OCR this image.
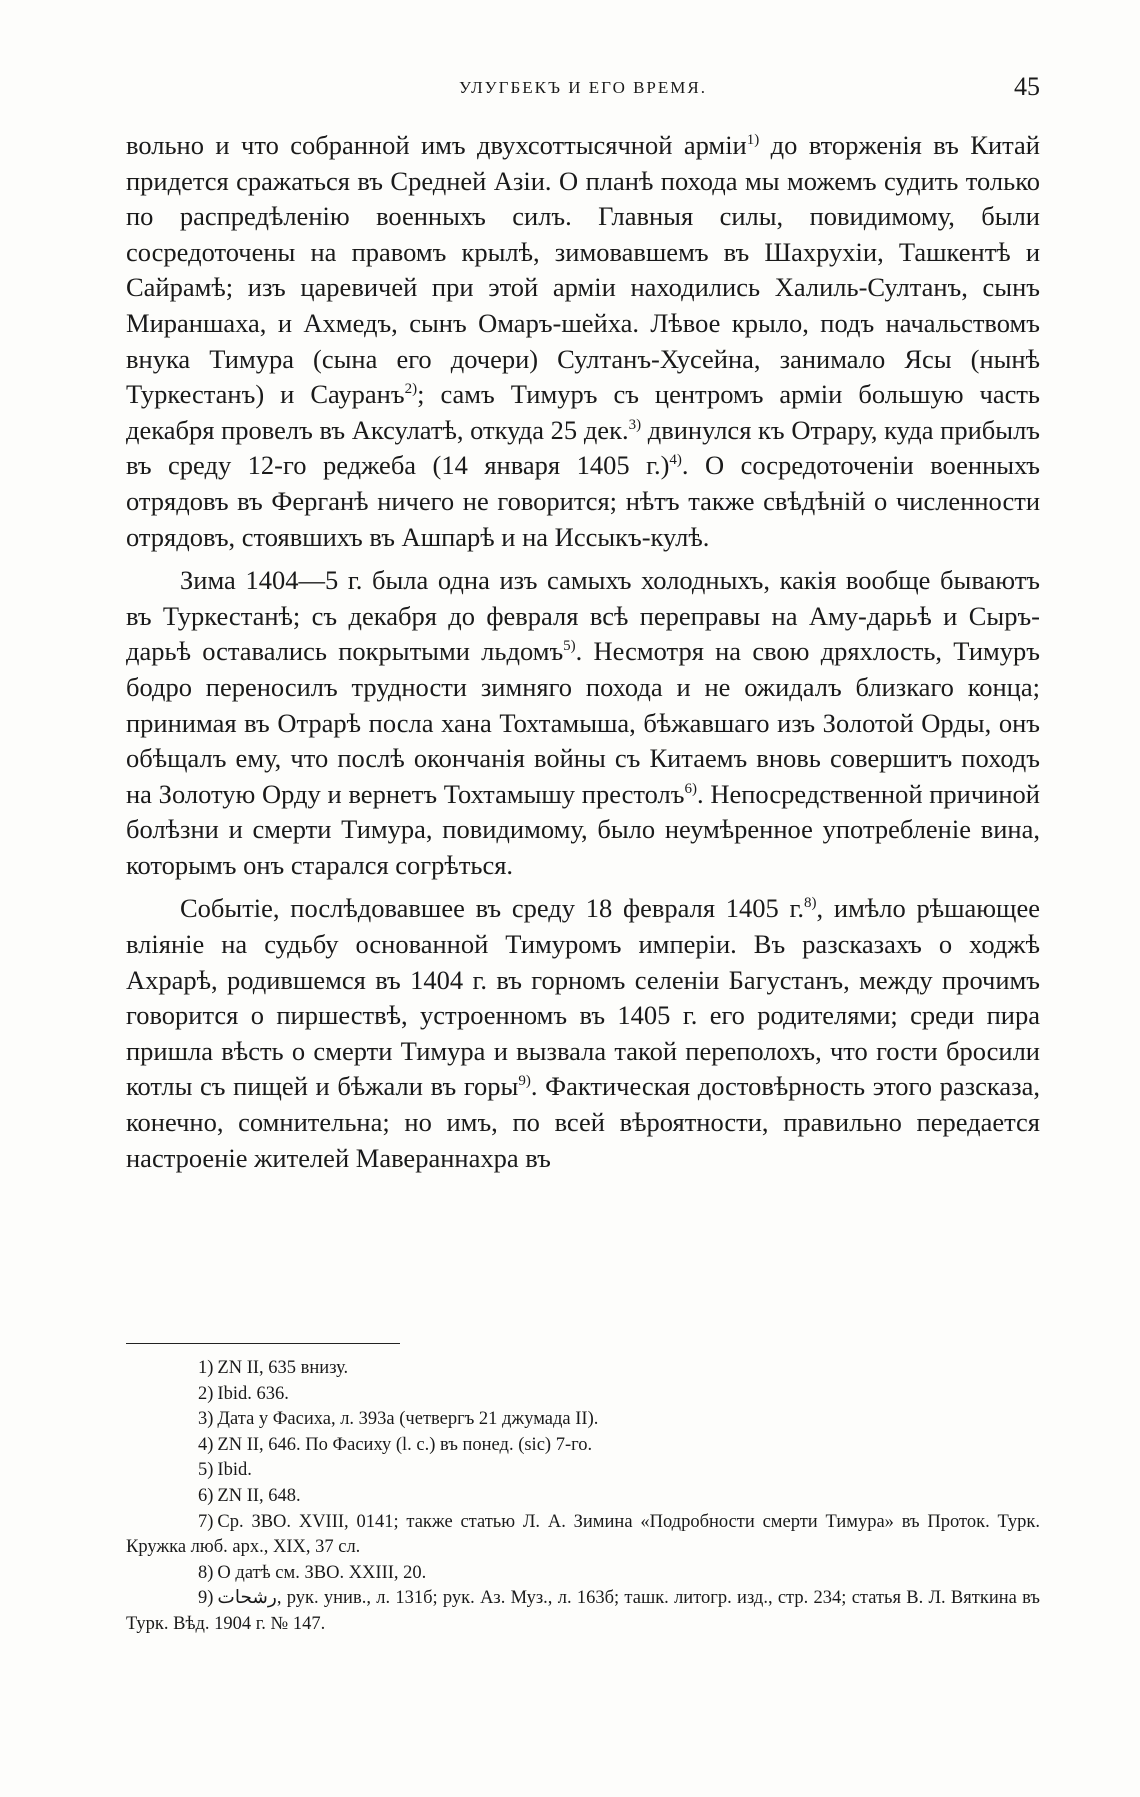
УЛУГБЕКЪ И ЕГО ВРЕМЯ.	45

вольно и что собранной имъ двухсоттысячной арміи$^{1)}$ до вторженія въ Китай придется сражаться въ Средней Азіи. О планѣ похода мы можемъ судить только по распредѣленію военныхъ силъ. Главныя силы, повидимому, были сосредоточены на правомъ крылѣ, зимовавшемъ въ Шахрухіи, Ташкентѣ и Сайрамѣ; изъ царевичей при этой арміи находились Халиль-Султанъ, сынъ Мираншаха, и Ахмедъ, сынъ Омаръ-шейха. Лѣвое крыло, подъ начальствомъ внука Тимура (сына его дочери) Султанъ-Хусейна, занимало Ясы (нынѣ Туркестанъ) и Сауранъ$^{2)}$; самъ Тимуръ съ центромъ арміи большую часть декабря провелъ въ Аксулатѣ, откуда 25 дек.$^{3)}$ двинулся къ Отрару, куда прибылъ въ среду 12-го реджеба (14 января 1405 г.)$^{4)}$. О сосредоточеніи военныхъ отрядовъ въ Ферганѣ ничего не говорится; нѣтъ также свѣдѣній о численности отрядовъ, стоявшихъ въ Ашпарѣ и на Иссыкъ-кулѣ.

Зима 1404—5 г. была одна изъ самыхъ холодныхъ, какія вообще бываютъ въ Туркестанѣ; съ декабря до февраля всѣ переправы на Аму-дарьѣ и Сыръ-дарьѣ оставались покрытыми льдомъ$^{5)}$. Несмотря на свою дряхлость, Тимуръ бодро переносилъ трудности зимняго похода и не ожидалъ близкаго конца; принимая въ Отрарѣ посла хана Тохтамыша, бѣжавшаго изъ Золотой Орды, онъ обѣщалъ ему, что послѣ окончанія войны съ Китаемъ вновь совершитъ походъ на Золотую Орду и вернетъ Тохтамышу престолъ$^{6)}$. Непосредственной причиной болѣзни и смерти Тимура, повидимому, было неумѣренное употребленіе вина, которымъ онъ старался согрѣться.

Событіе, послѣдовавшее въ среду 18 февраля 1405 г.$^{8)}$, имѣло рѣшающее вліяніе на судьбу основанной Тимуромъ имперіи. Въ разсказахъ о ходжѣ Ахрарѣ, родившемся въ 1404 г. въ горномъ селеніи Багустанъ, между прочимъ говорится о пиршествѣ, устроенномъ въ 1405 г. его родителями; среди пира пришла вѣсть о смерти Тимура и вызвала такой переполохъ, что гости бросили котлы съ пищей и бѣжали въ горы$^{9)}$. Фактическая достовѣрность этого разсказа, конечно, сомнительна; но имъ, по всей вѣроятности, правильно передается настроеніе жителей Мавераннахра въ

1) ZN II, 635 внизу.

2) Ibid. 636.

3) Дата у Фасиха, л. 393а (четвергъ 21 джумада II).

4) ZN II, 646. По Фасиху (l. c.) въ понед. (sic) 7-го.

5) Ibid.

6) ZN II, 648.

7) Ср. ЗВО. XVIII, 0141; также статью Л. А. Зимина «Подробности смерти Тимура» въ Проток. Турк. Кружка люб. арх., XIX, 37 сл.

8) О датѣ см. ЗВО. XXIII, 20.

9) رشحات, рук. унив., л. 131б; рук. Аз. Муз., л. 163б; ташк. литогр. изд., стр. 234; статья В. Л. Вяткина въ Турк. Вѣд. 1904 г. № 147.
